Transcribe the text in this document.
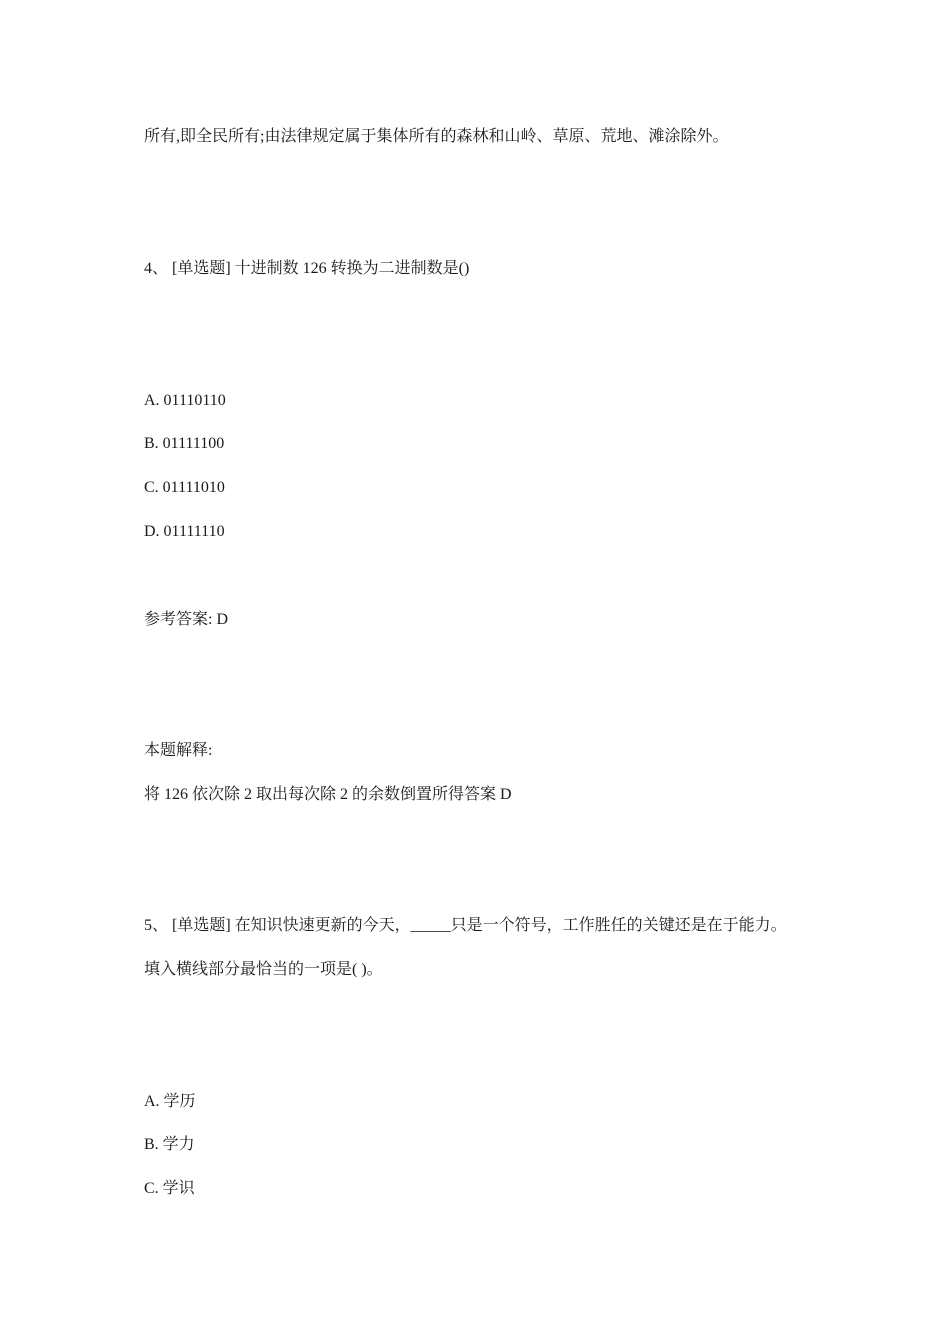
所有,即全民所有;由法律规定属于集体所有的森林和山岭、草原、荒地、滩涂除外。
4、 [单选题] 十进制数 126 转换为二进制数是()
A. 01110110
B. 01111100
C. 01111010
D. 01111110
参考答案: D
本题解释:
将 126 依次除 2 取出每次除 2 的余数倒置所得答案 D
5、 [单选题] 在知识快速更新的今天，_____只是一个符号，工作胜任的关键还是在于能力。
填入横线部分最恰当的一项是( )。
A. 学历
B. 学力
C. 学识
